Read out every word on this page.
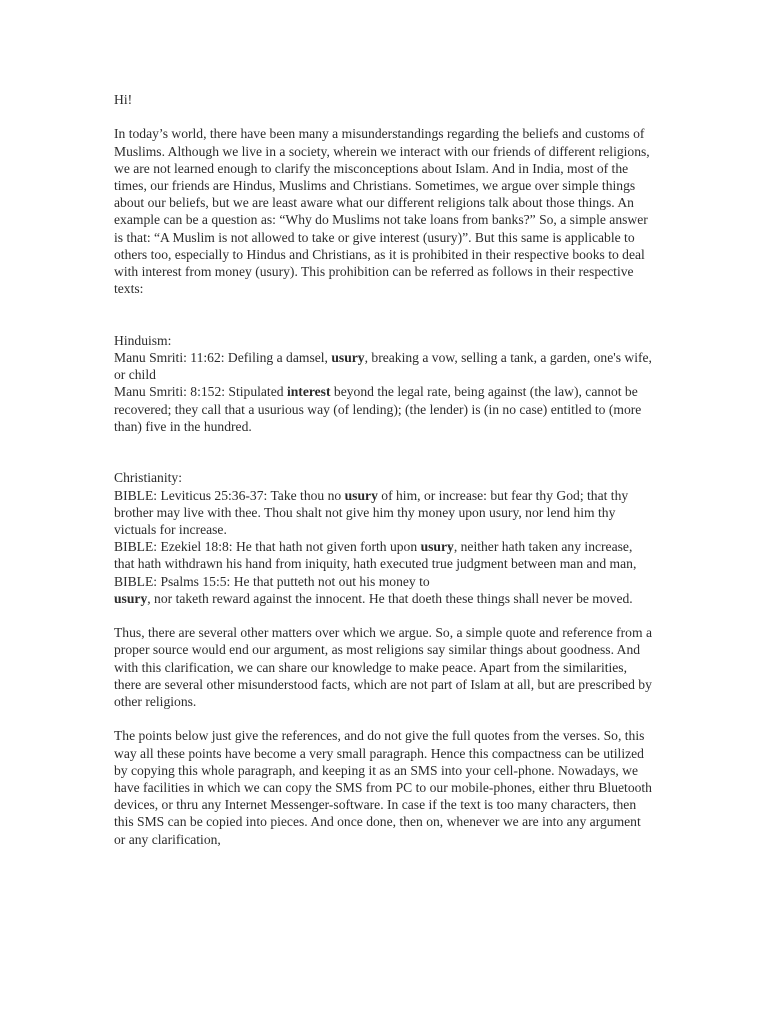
Hi!

In today’s world, there have been many a misunderstandings regarding the beliefs and customs of Muslims. Although we live in a society, wherein we interact with our friends of different religions, we are not learned enough to clarify the misconceptions about Islam. And in India, most of the times, our friends are Hindus, Muslims and Christians. Sometimes, we argue over simple things about our beliefs, but we are least aware what our different religions talk about those things. An example can be a question as: “Why do Muslims not take loans from banks?” So, a simple answer is that: “A Muslim is not allowed to take or give interest (usury)”. But this same is applicable to others too, especially to Hindus and Christians, as it is prohibited in their respective books to deal with interest from money (usury). This prohibition can be referred as follows in their respective texts:

Hinduism:
Manu Smriti: 11:62: Defiling a damsel, usury, breaking a vow, selling a tank, a garden, one's wife, or child
Manu Smriti: 8:152: Stipulated interest beyond the legal rate, being against (the law), cannot be recovered; they call that a usurious way (of lending); (the lender) is (in no case) entitled to (more than) five in the hundred.
Christianity:
BIBLE: Leviticus 25:36-37: Take thou no usury of him, or increase: but fear thy God; that thy brother may live with thee. Thou shalt not give him thy money upon usury, nor lend him thy victuals for increase.
BIBLE: Ezekiel 18:8: He that hath not given forth upon usury, neither hath taken any increase, that hath withdrawn his hand from iniquity, hath executed true judgment between man and man,
BIBLE: Psalms 15:5: He that putteth not out his money to
usury, nor taketh reward against the innocent. He that doeth these things shall never be moved.

Thus, there are several other matters over which we argue. So, a simple quote and reference from a proper source would end our argument, as most religions say similar things about goodness. And with this clarification, we can share our knowledge to make peace. Apart from the similarities, there are several other misunderstood facts, which are not part of Islam at all, but are prescribed by other religions.

The points below just give the references, and do not give the full quotes from the verses. So, this way all these points have become a very small paragraph. Hence this compactness can be utilized by copying this whole paragraph, and keeping it as an SMS into your cell-phone. Nowadays, we have facilities in which we can copy the SMS from PC to our mobile-phones, either thru Bluetooth devices, or thru any Internet Messenger-software. In case if the text is too many characters, then this SMS can be copied into pieces. And once done, then on, whenever we are into any argument or any clarification,
